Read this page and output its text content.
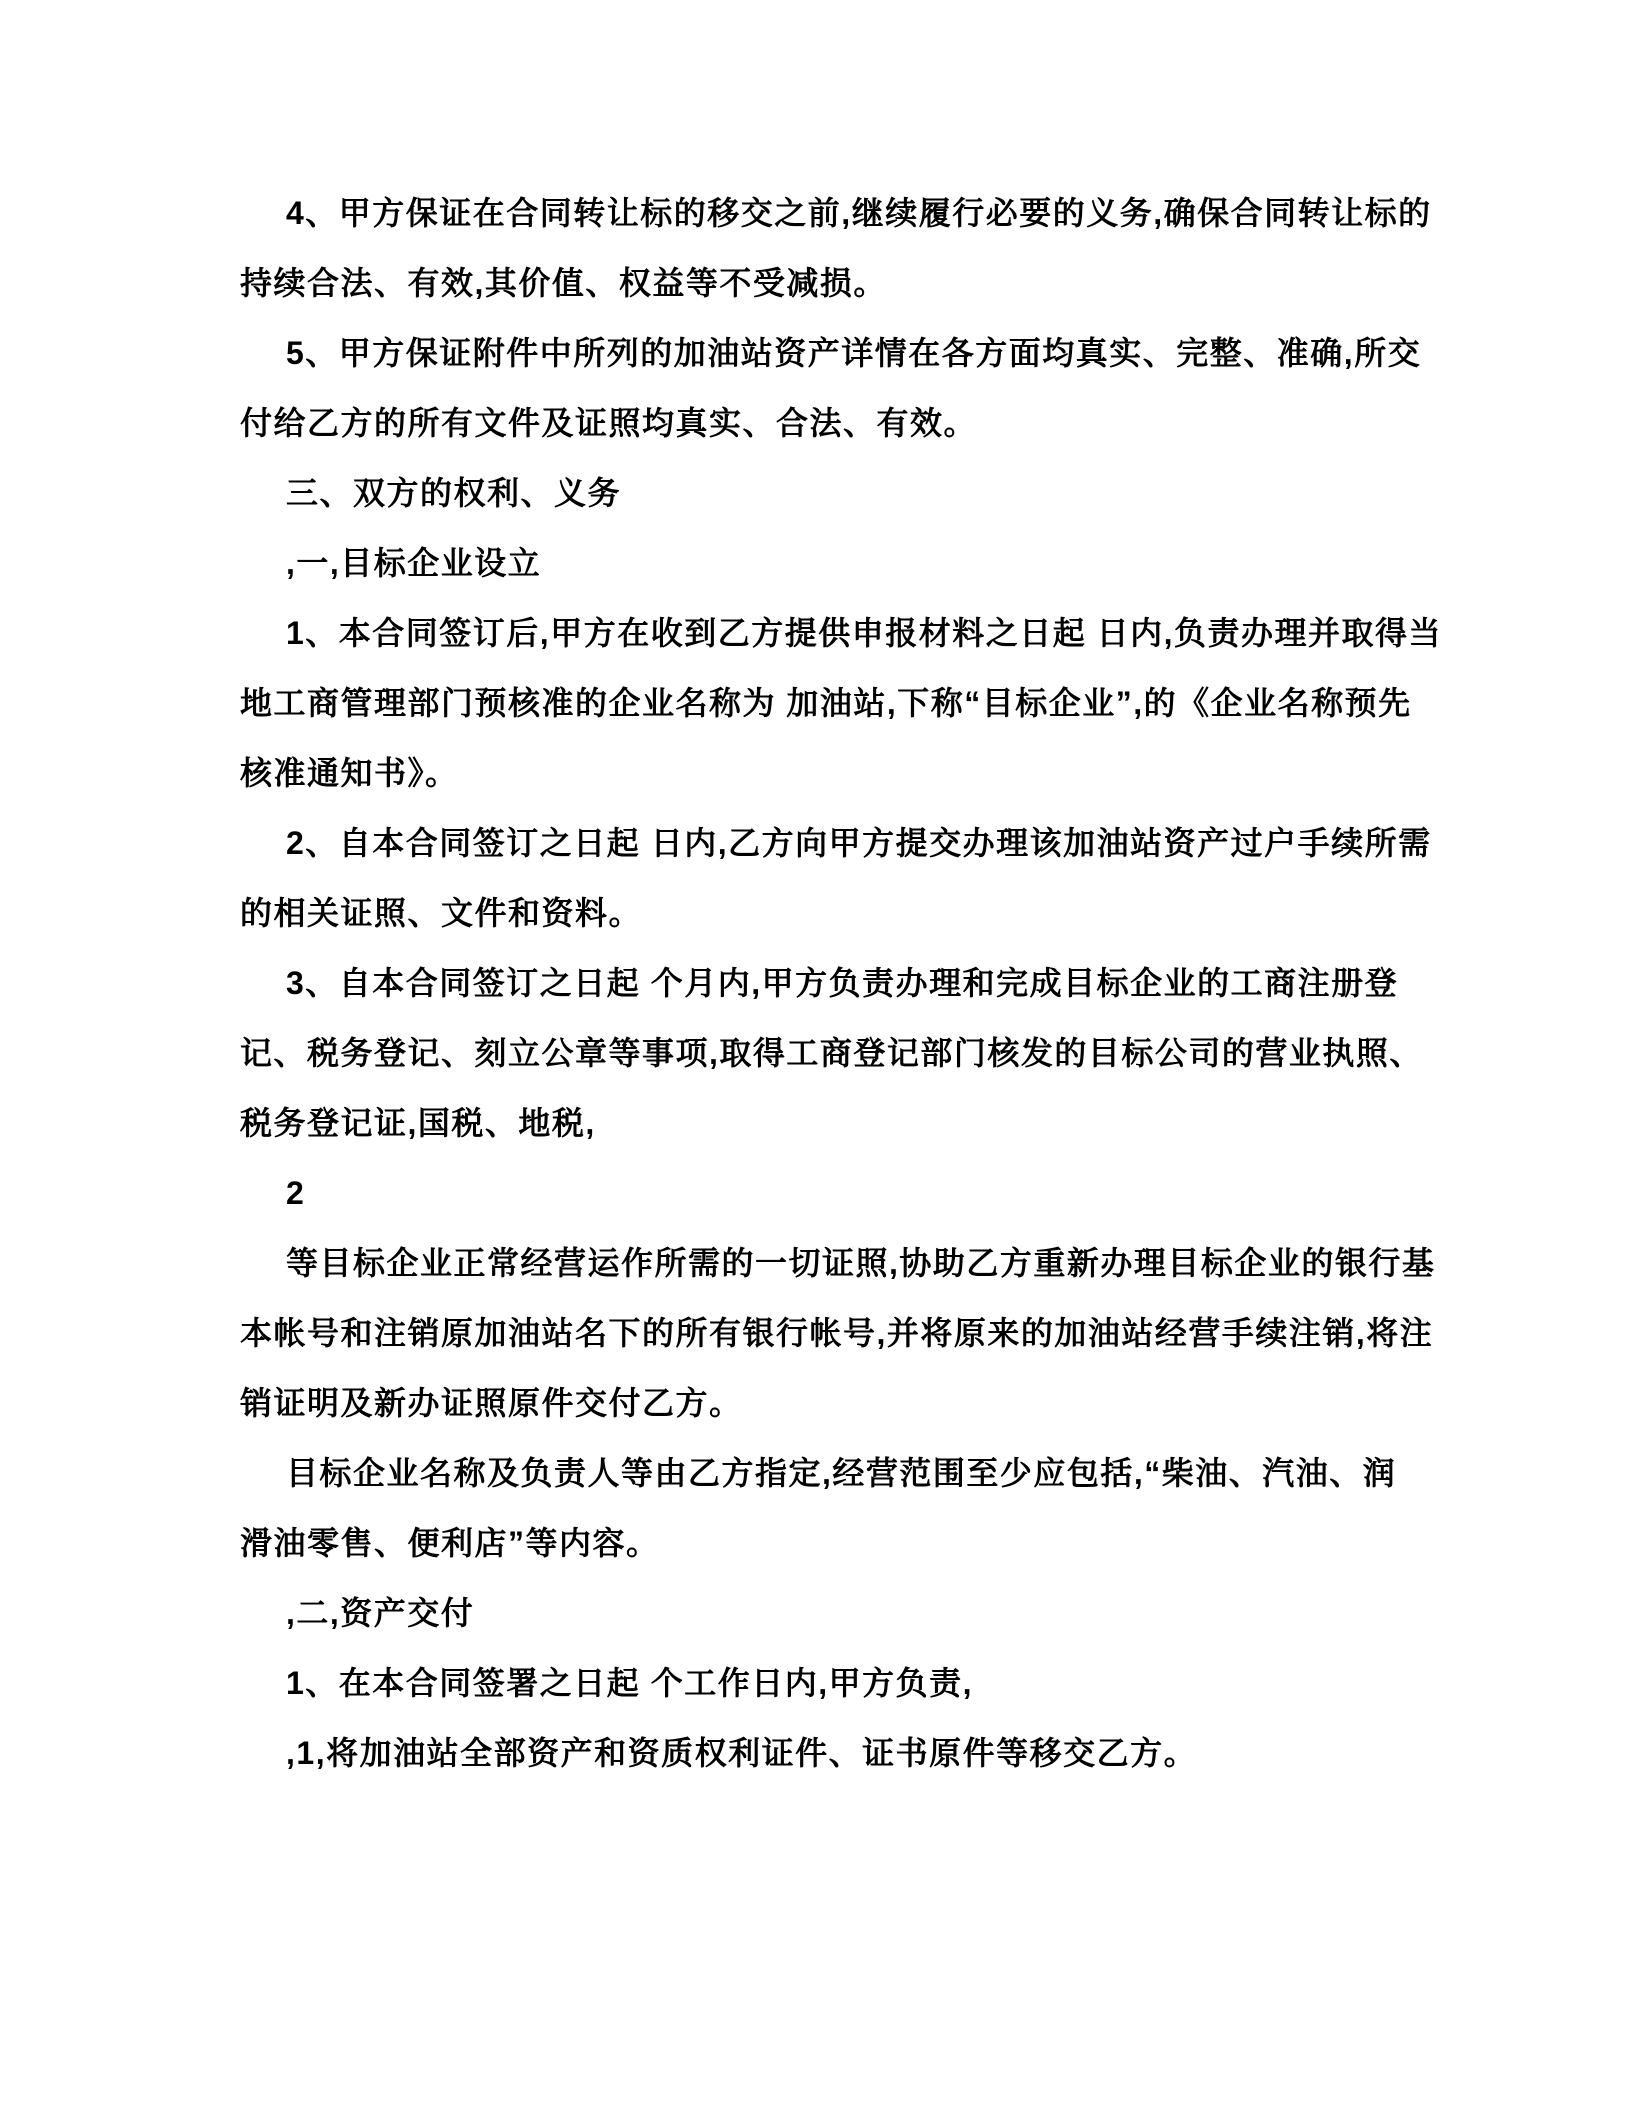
4、甲方保证在合同转让标的移交之前,继续履行必要的义务,确保合同转让标的
持续合法、有效,其价值、权益等不受减损。
5、甲方保证附件中所列的加油站资产详情在各方面均真实、完整、准确,所交
付给乙方的所有文件及证照均真实、合法、有效。
三、双方的权利、义务
,一,目标企业设立
1、本合同签订后,甲方在收到乙方提供申报材料之日起 日内,负责办理并取得当
地工商管理部门预核准的企业名称为 加油站,下称“目标企业”,的《企业名称预先
核准通知书》。
2、自本合同签订之日起 日内,乙方向甲方提交办理该加油站资产过户手续所需
的相关证照、文件和资料。
3、自本合同签订之日起 个月内,甲方负责办理和完成目标企业的工商注册登
记、税务登记、刻立公章等事项,取得工商登记部门核发的目标公司的营业执照、
税务登记证,国税、地税,
2
等目标企业正常经营运作所需的一切证照,协助乙方重新办理目标企业的银行基
本帐号和注销原加油站名下的所有银行帐号,并将原来的加油站经营手续注销,将注
销证明及新办证照原件交付乙方。
目标企业名称及负责人等由乙方指定,经营范围至少应包括,“柴油、汽油、润
滑油零售、便利店”等内容。
,二,资产交付
1、在本合同签署之日起 个工作日内,甲方负责,
,1,将加油站全部资产和资质权利证件、证书原件等移交乙方。
